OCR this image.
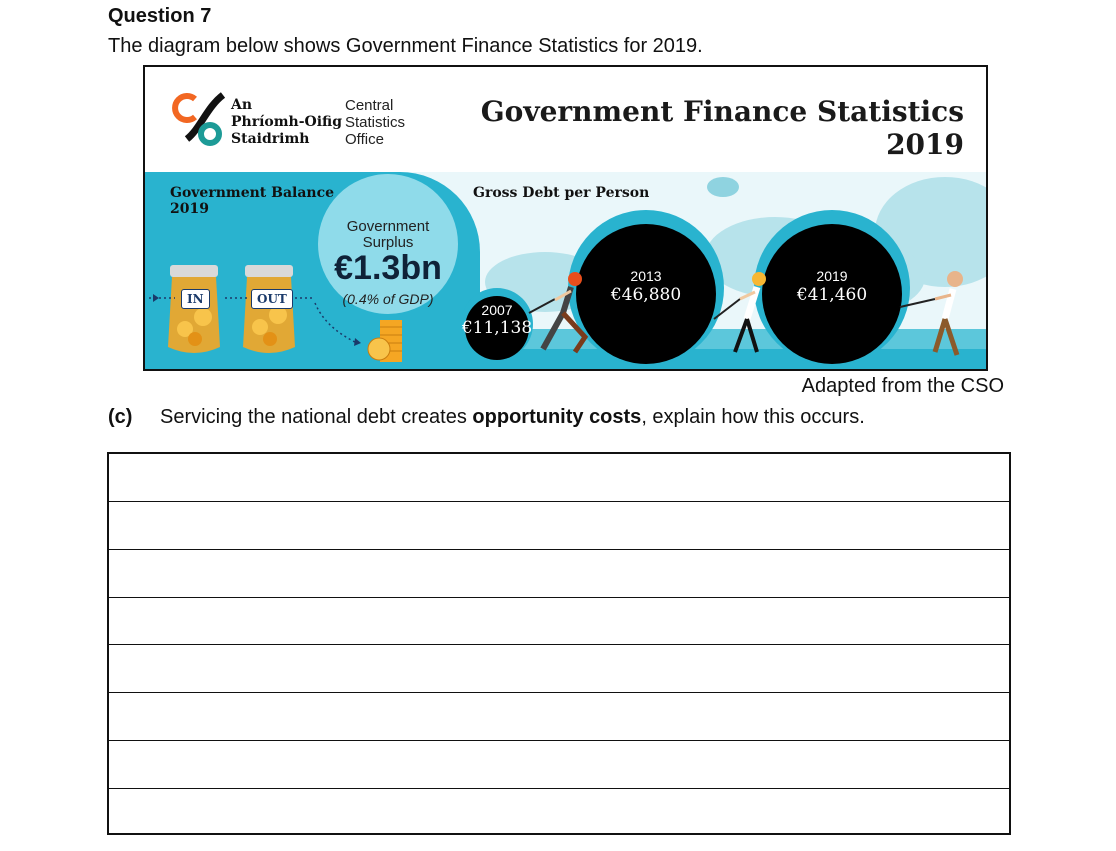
Question 7
The diagram below shows Government Finance Statistics for 2019.
An
Phríomh-Oifig
Staidrimh
Central
Statistics
Office
Government Finance Statistics
2019
Government Balance
2019
Government
Surplus
€1.3bn
(0.4% of GDP)
IN	OUT
Gross Debt per Person
2007
€11,138
2013
€46,880
2019
€41,460
Adapted from the CSO
(c) Servicing the national debt creates opportunity costs, explain how this occurs.
